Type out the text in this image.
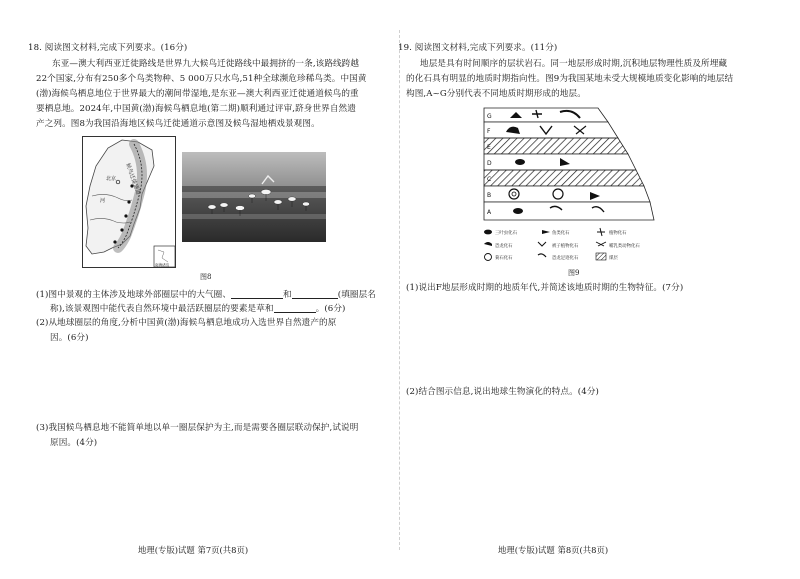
18. 阅读图文材料,完成下列要求。(16分)
东亚—澳大利西亚迁徙路线是世界九大候鸟迁徙路线中最拥挤的一条,该路线跨越
22个国家,分布有250多个鸟类物种、5 000万只水鸟,51种全球濒危珍稀鸟类。中国黄
(渤)海候鸟栖息地位于世界最大的潮间带湿地,是东亚—澳大利西亚迁徙通道候鸟的重
要栖息地。2024年,中国黄(渤)海候鸟栖息地(第二期)顺利通过评审,跻身世界自然遗
产之列。图8为我国沿海地区候鸟迁徙通道示意图及候鸟湿地栖戏景观图。
候鸟迁徙通道
北京
河
南海诸岛
图8
(1)图中景观的主体涉及地球外部圈层中的大气圈、	和	(填圈层名
称),该景观图中能代表自然环境中最活跃圈层的要素是草和	。(6分)
(2)从地球圈层的角度,分析中国黄(渤)海候鸟栖息地成功入选世界自然遗产的原
因。(6分)
(3)我国候鸟栖息地不能简单地以单一圈层保护为主,而是需要各圈层联动保护,试说明
原因。(4分)
地理(专版)试题 第7页(共8页)
19. 阅读图文材料,完成下列要求。(11分)
地层是具有时间顺序的层状岩石。同一地层形成时期,沉积地层物理性质及所埋藏
的化石具有明显的地质时期指向性。图9为我国某地未受大规模地质变化影响的地层结
构图,A~G分别代表不同地质时期形成的地层。
G
F
E
D
C
B
A
三叶虫化石	鱼类化石	植物化石
恐龙化石	被子植物化石	哺乳类动物化石
菊石化石	恐龙足迹化石	煤层
图9
(1)说出F地层形成时期的地质年代,并简述该地质时期的生物特征。(7分)
(2)结合图示信息,说出地球生物演化的特点。(4分)
地理(专版)试题 第8页(共8页)
